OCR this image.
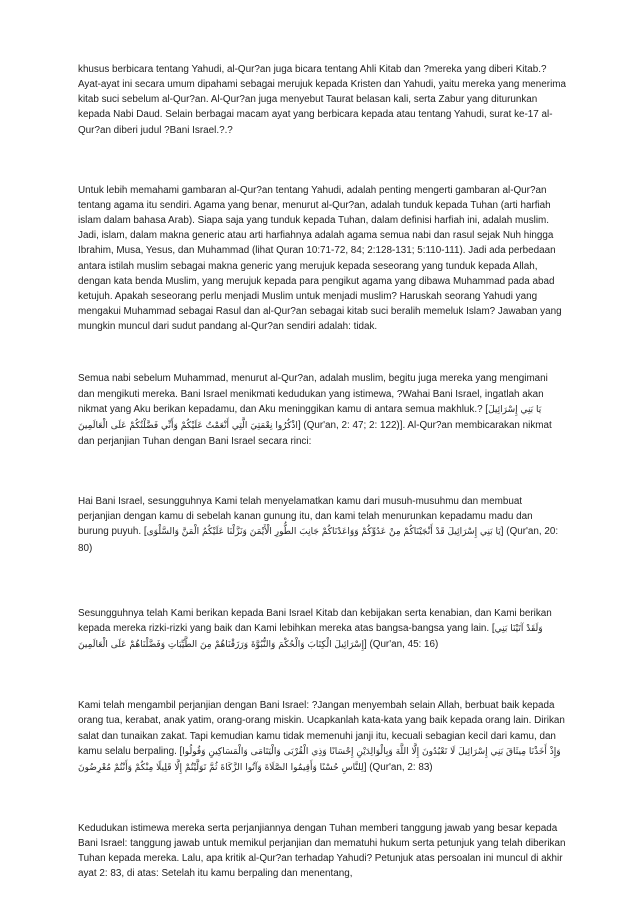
khusus berbicara tentang Yahudi, al-Qur?an juga bicara tentang Ahli Kitab dan ?mereka yang diberi Kitab.? Ayat-ayat ini secara umum dipahami sebagai merujuk kepada Kristen dan Yahudi, yaitu mereka yang menerima kitab suci sebelum al-Qur?an. Al-Qur?an juga menyebut Taurat belasan kali, serta Zabur yang diturunkan kepada Nabi Daud. Selain berbagai macam ayat yang berbicara kepada atau tentang Yahudi, surat ke-17 al-Qur?an diberi judul ?Bani Israel.?.?

Untuk lebih memahami gambaran al-Qur?an tentang Yahudi, adalah penting mengerti gambaran al-Qur?an tentang agama itu sendiri. Agama yang benar, menurut al-Qur?an, adalah tunduk kepada Tuhan (arti harfiah islam dalam bahasa Arab). Siapa saja yang tunduk kepada Tuhan, dalam definisi harfiah ini, adalah muslim. Jadi, islam, dalam makna generic atau arti harfiahnya adalah agama semua nabi dan rasul sejak Nuh hingga Ibrahim, Musa, Yesus, dan Muhammad (lihat Quran 10:71-72, 84; 2:128-131; 5:110-111). Jadi ada perbedaan antara istilah muslim sebagai makna generic yang merujuk kepada seseorang yang tunduk kepada Allah, dengan kata benda Muslim, yang merujuk kepada para pengikut agama yang dibawa Muhammad pada abad ketujuh. Apakah seseorang perlu menjadi Muslim untuk menjadi muslim? Haruskah seorang Yahudi yang mengakui Muhammad sebagai Rasul dan al-Qur?an sebagai kitab suci beralih memeluk Islam? Jawaban yang mungkin muncul dari sudut pandang al-Qur?an sendiri adalah: tidak.

Semua nabi sebelum Muhammad, menurut al-Qur?an, adalah muslim, begitu juga mereka yang mengimani dan mengikuti mereka. Bani Israel menikmati kedudukan yang istimewa, ?Wahai Bani Israel, ingatlah akan nikmat yang Aku berikan kepadamu, dan Aku meninggikan kamu di antara semua makhluk.? [يَا بَنِي إِسْرَائِيلَ اذْكُرُوا نِعْمَتِيَ الَّتِي أَنْعَمْتُ عَلَيْكُمْ وَأَنِّي فَضَّلْتُكُمْ عَلَى الْعَالَمِينَ] (Qur'an, 2: 47; 2: 122)]. Al-Qur?an membicarakan nikmat dan perjanjian Tuhan dengan Bani Israel secara rinci:

Hai Bani Israel, sesungguhnya Kami telah menyelamatkan kamu dari musuh-musuhmu dan membuat perjanjian dengan kamu di sebelah kanan gunung itu, dan kami telah menurunkan kepadamu madu dan burung puyuh. [يَا بَنِي إِسْرَائِيلَ قَدْ أَنْجَيْنَاكُمْ مِنْ عَدُوِّكُمْ وَوَاعَدْنَاكُمْ جَانِبَ الطُّورِ الْأَيْمَنَ وَنَزَّلْنَا عَلَيْكُمُ الْمَنَّ وَالسَّلْوَى] (Qur'an, 20: 80)

Sesungguhnya telah Kami berikan kepada Bani Israel Kitab dan kebijakan serta kenabian, dan Kami berikan kepada mereka rizki-rizki yang baik dan Kami lebihkan mereka atas bangsa-bangsa yang lain. [وَلَقَدْ آتَيْنَا بَنِي إِسْرَائِيلَ الْكِتَابَ وَالْحُكْمَ وَالنُّبُوَّةَ وَرَزَقْنَاهُمْ مِنَ الطَّيِّبَاتِ وَفَضَّلْنَاهُمْ عَلَى الْعَالَمِينَ] (Qur'an, 45: 16)

Kami telah mengambil perjanjian dengan Bani Israel: ?Jangan menyembah selain Allah, berbuat baik kepada orang tua, kerabat, anak yatim, orang-orang miskin. Ucapkanlah kata-kata yang baik kepada orang lain. Dirikan salat dan tunaikan zakat. Tapi kemudian kamu tidak memenuhi janji itu, kecuali sebagian kecil dari kamu, dan kamu selalu berpaling. [وَإِذْ أَخَذْنَا مِيثَاقَ بَنِي إِسْرَائِيلَ لَا تَعْبُدُونَ إِلَّا اللَّهَ وَبِالْوَالِدَيْنِ إِحْسَانًا وَذِي الْقُرْبَى وَالْيَتَامَى وَالْمَسَاكِينِ وَقُولُوا لِلنَّاسِ حُسْنًا وَأَقِيمُوا الصَّلَاةَ وَآتُوا الزَّكَاةَ ثُمَّ تَوَلَّيْتُمْ إِلَّا قَلِيلًا مِنْكُمْ وَأَنْتُمْ مُعْرِضُونَ] (Qur'an, 2: 83)

Kedudukan istimewa mereka serta perjanjiannya dengan Tuhan memberi tanggung jawab yang besar kepada Bani Israel: tanggung jawab untuk memikul perjanjian dan mematuhi hukum serta petunjuk yang telah diberikan Tuhan kepada mereka. Lalu, apa kritik al-Qur?an terhadap Yahudi? Petunjuk atas persoalan ini muncul di akhir ayat 2: 83, di atas: Setelah itu kamu berpaling dan menentang,
